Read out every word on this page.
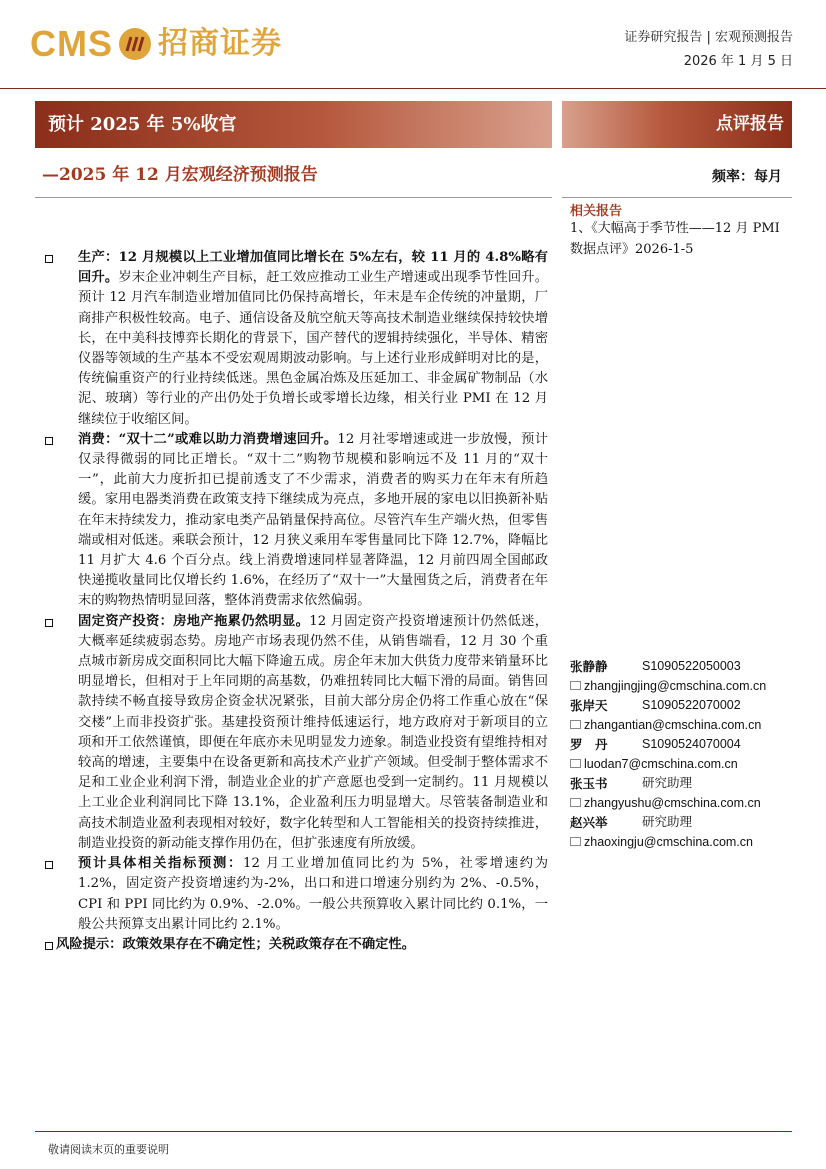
CMS 招商证券	证券研究报告 | 宏观预测报告
2026 年 1 月 5 日
预计 2025 年 5%收官	点评报告
—2025 年 12 月宏观经济预测报告	频率：每月
相关报告
1、《大幅高于季节性——12 月 PMI 数据点评》2026-1-5

生产：12 月规模以上工业增加值同比增长在 5%左右，较 11 月的 4.8%略有回升。岁末企业冲刺生产目标，赶工效应推动工业生产增速或出现季节性回升。预计 12 月汽车制造业增加值同比仍保持高增长，年末是车企传统的冲量期，厂商排产积极性较高。电子、通信设备及航空航天等高技术制造业继续保持较快增长，在中美科技博弈长期化的背景下，国产替代的逻辑持续强化，半导体、精密仪器等领域的生产基本不受宏观周期波动影响。与上述行业形成鲜明对比的是，传统偏重资产的行业持续低迷。黑色金属冶炼及压延加工、非金属矿物制品（水泥、玻璃）等行业的产出仍处于负增长或零增长边缘，相关行业 PMI 在 12 月继续位于收缩区间。

消费：“双十二”或难以助力消费增速回升。12 月社零增速或进一步放慢，预计仅录得微弱的同比正增长。“双十二”购物节规模和影响远不及 11 月的“双十一”，此前大力度折扣已提前透支了不少需求，消费者的购买力在年末有所趋缓。家用电器类消费在政策支持下继续成为亮点，多地开展的家电以旧换新补贴在年末持续发力，推动家电类产品销量保持高位。尽管汽车生产端火热，但零售端或相对低迷。乘联会预计，12 月狭义乘用车零售量同比下降 12.7%，降幅比 11 月扩大 4.6 个百分点。线上消费增速同样显著降温，12 月前四周全国邮政快递揽收量同比仅增长约 1.6%，在经历了“双十一”大量囤货之后，消费者在年末的购物热情明显回落，整体消费需求依然偏弱。

固定资产投资：房地产拖累仍然明显。12 月固定资产投资增速预计仍然低迷，大概率延续疲弱态势。房地产市场表现仍然不佳，从销售端看，12 月 30 个重点城市新房成交面积同比大幅下降逾五成。房企年末加大供货力度带来销量环比明显增长，但相对于上年同期的高基数，仍难扭转同比大幅下滑的局面。销售回款持续不畅直接导致房企资金状况紧张，目前大部分房企仍将工作重心放在“保交楼”上而非投资扩张。基建投资预计维持低速运行，地方政府对于新项目的立项和开工依然谨慎，即便在年底亦未见明显发力迹象。制造业投资有望维持相对较高的增速，主要集中在设备更新和高技术产业扩产领域。但受制于整体需求不足和工业企业利润下滑，制造业企业的扩产意愿也受到一定制约。11 月规模以上工业企业利润同比下降 13.1%，企业盈利压力明显增大。尽管装备制造业和高技术制造业盈利表现相对较好，数字化转型和人工智能相关的投资持续推进，制造业投资的新动能支撑作用仍在，但扩张速度有所放缓。

预计具体相关指标预测：12 月工业增加值同比约为 5%，社零增速约为 1.2%，固定资产投资增速约为-2%，出口和进口增速分别约为 2%、-0.5%，CPI 和 PPI 同比约为 0.9%、-2.0%。一般公共预算收入累计同比约 0.1%，一般公共预算支出累计同比约 2.1%。

风险提示：政策效果存在不确定性；关税政策存在不确定性。

张静静	S1090522050003
zhangjingjing@cmschina.com.cn
张岸天	S1090522070002
zhangantian@cmschina.com.cn
罗　丹	S1090524070004
luodan7@cmschina.com.cn
张玉书	研究助理
zhangyushu@cmschina.com.cn
赵兴举	研究助理
zhaoxingju@cmschina.com.cn
敬请阅读末页的重要说明
